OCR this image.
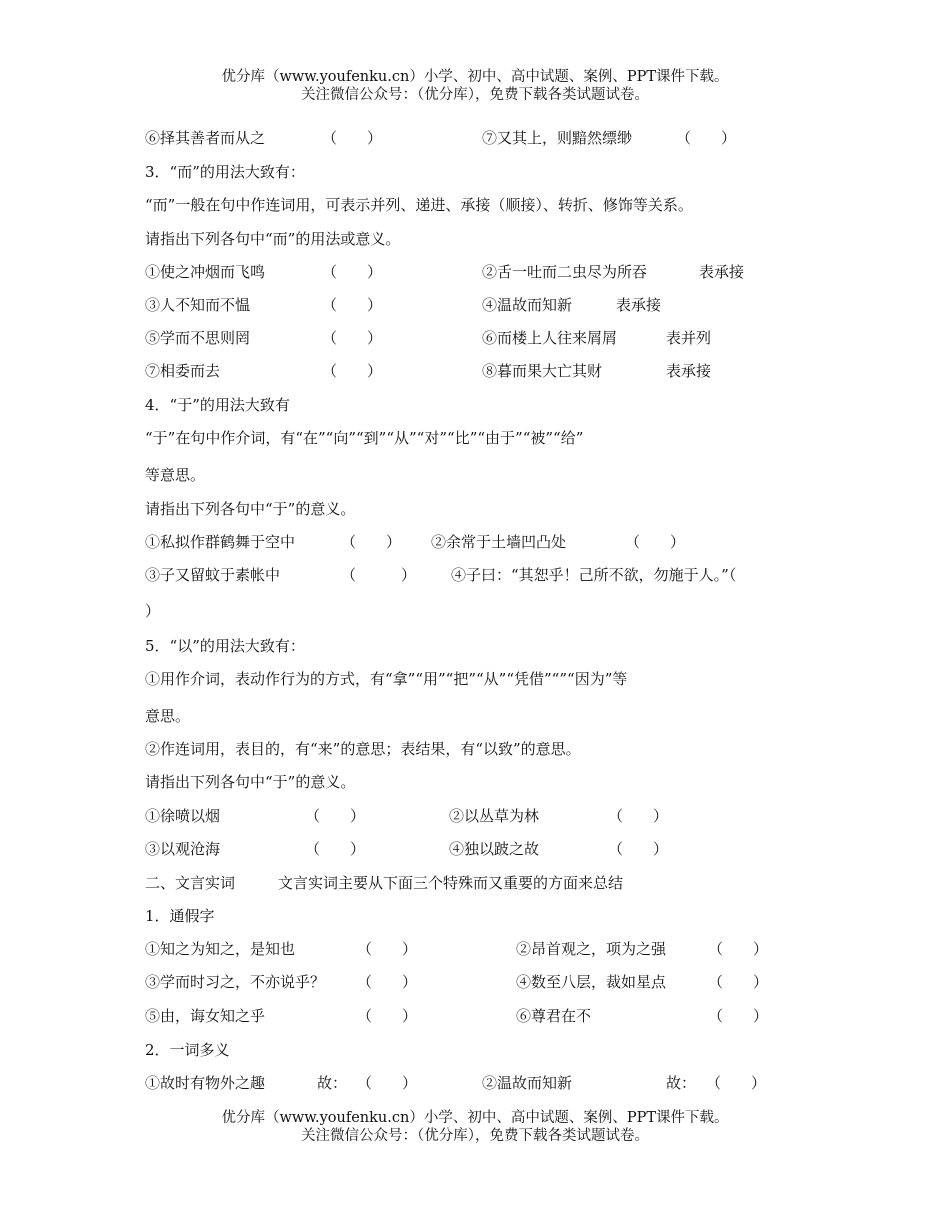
优分库（www.youfenku.cn）小学、初中、高中试题、案例、PPT课件下载。
关注微信公众号：（优分库），免费下载各类试题试卷。
⑥择其善者而从之	（　　）	⑦又其上，则黯然缥缈	（　　）
3．“而”的用法大致有：
“而”一般在句中作连词用，可表示并列、递进、承接（顺接）、转折、修饰等关系。
请指出下列各句中“而”的用法或意义。
①使之冲烟而飞鸣	（　　）	②舌一吐而二虫尽为所吞	表承接
③人不知而不愠	（　　）	④温故而知新	表承接
⑤学而不思则罔	（　　）	⑥而楼上人往来屑屑	表并列
⑦相委而去	（　　）	⑧暮而果大亡其财	表承接
4．“于”的用法大致有
“于”在句中作介词，有“在”“向”“到”“从”“对”“比”“由于”“被”“给”
等意思。
请指出下列各句中“于”的意义。
①私拟作群鹤舞于空中	（　　） ②余常于土墙凹凸处	（　　）
③子又留蚊于素帐中	（　　　） ④子曰：“其恕乎！己所不欲，勿施于人。”（
）
5．“以”的用法大致有：
①用作介词，表动作行为的方式，有“拿”“用”“把”“从”“凭借”“”“因为”等
意思。
②作连词用，表目的，有“来”的意思；表结果，有“以致”的意思。
请指出下列各句中“于”的意义。
①徐喷以烟	（　　）	②以丛草为林	（　　）
③以观沧海	（　　）	④独以跛之故	（　　）
二、文言实词	文言实词主要从下面三个特殊而又重要的方面来总结
1．通假字
①知之为知之，是知也	（　　）	②昂首观之，项为之强	（　　）
③学而时习之，不亦说乎？ （　　）	④数至八层，裁如星点	（　　）
⑤由，诲女知之乎	（　　）	⑥尊君在不	（　　）
2．一词多义
①故时有物外之趣	故： （　　）	②温故而知新	故： （　　）
优分库（www.youfenku.cn）小学、初中、高中试题、案例、PPT课件下载。
关注微信公众号：（优分库），免费下载各类试题试卷。
